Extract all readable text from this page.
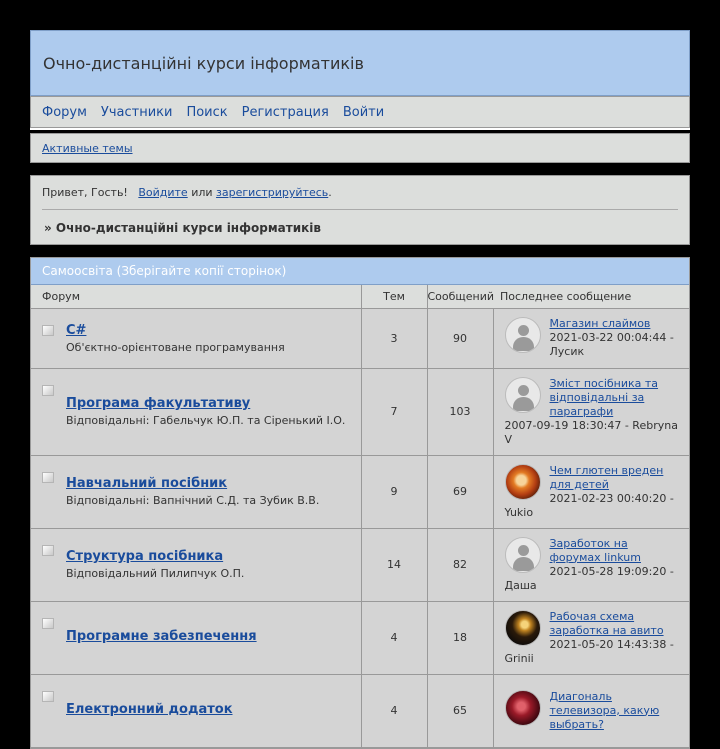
Очно-дистанційні курси інформатиків
Форум Участники Поиск Регистрация Войти
Активные темы
Привет, Гость! Войдите или зарегистрируйтесь.
» Очно-дистанційні курси інформатиків
Самоосвіта (Зберігайте копії сторінок)
Форум	Тем	Сообщений	Последнее сообщение

C#
Об'єктно-орієнтоване програмування	3	90	Магазин слаймов
2021-03-22 00:04:44 - Лусик

Програма факультативу
Відповідальні: Габельчук Ю.П. та Сіренький І.О.	7	103	Зміст посібника та відповідальні за параграфи
2007-09-19 18:30:47 - Rebryna V

Навчальний посібник
Відповідальні: Вапнічний С.Д. та Зубик В.В.	9	69	Чем глютен вреден для детей
2021-02-23 00:40:20 - Yukio

Структура посібника
Відповідальний Пилипчук О.П.	14	82	Заработок на форумах linkum
2021-05-28 19:09:20 - Даша

Програмне забезпечення	4	18	Рабочая схема заработка на авито
2021-05-20 14:43:38 - Grinii

Електронний додаток	4	65	Диагональ телевизора, какую выбрать?
